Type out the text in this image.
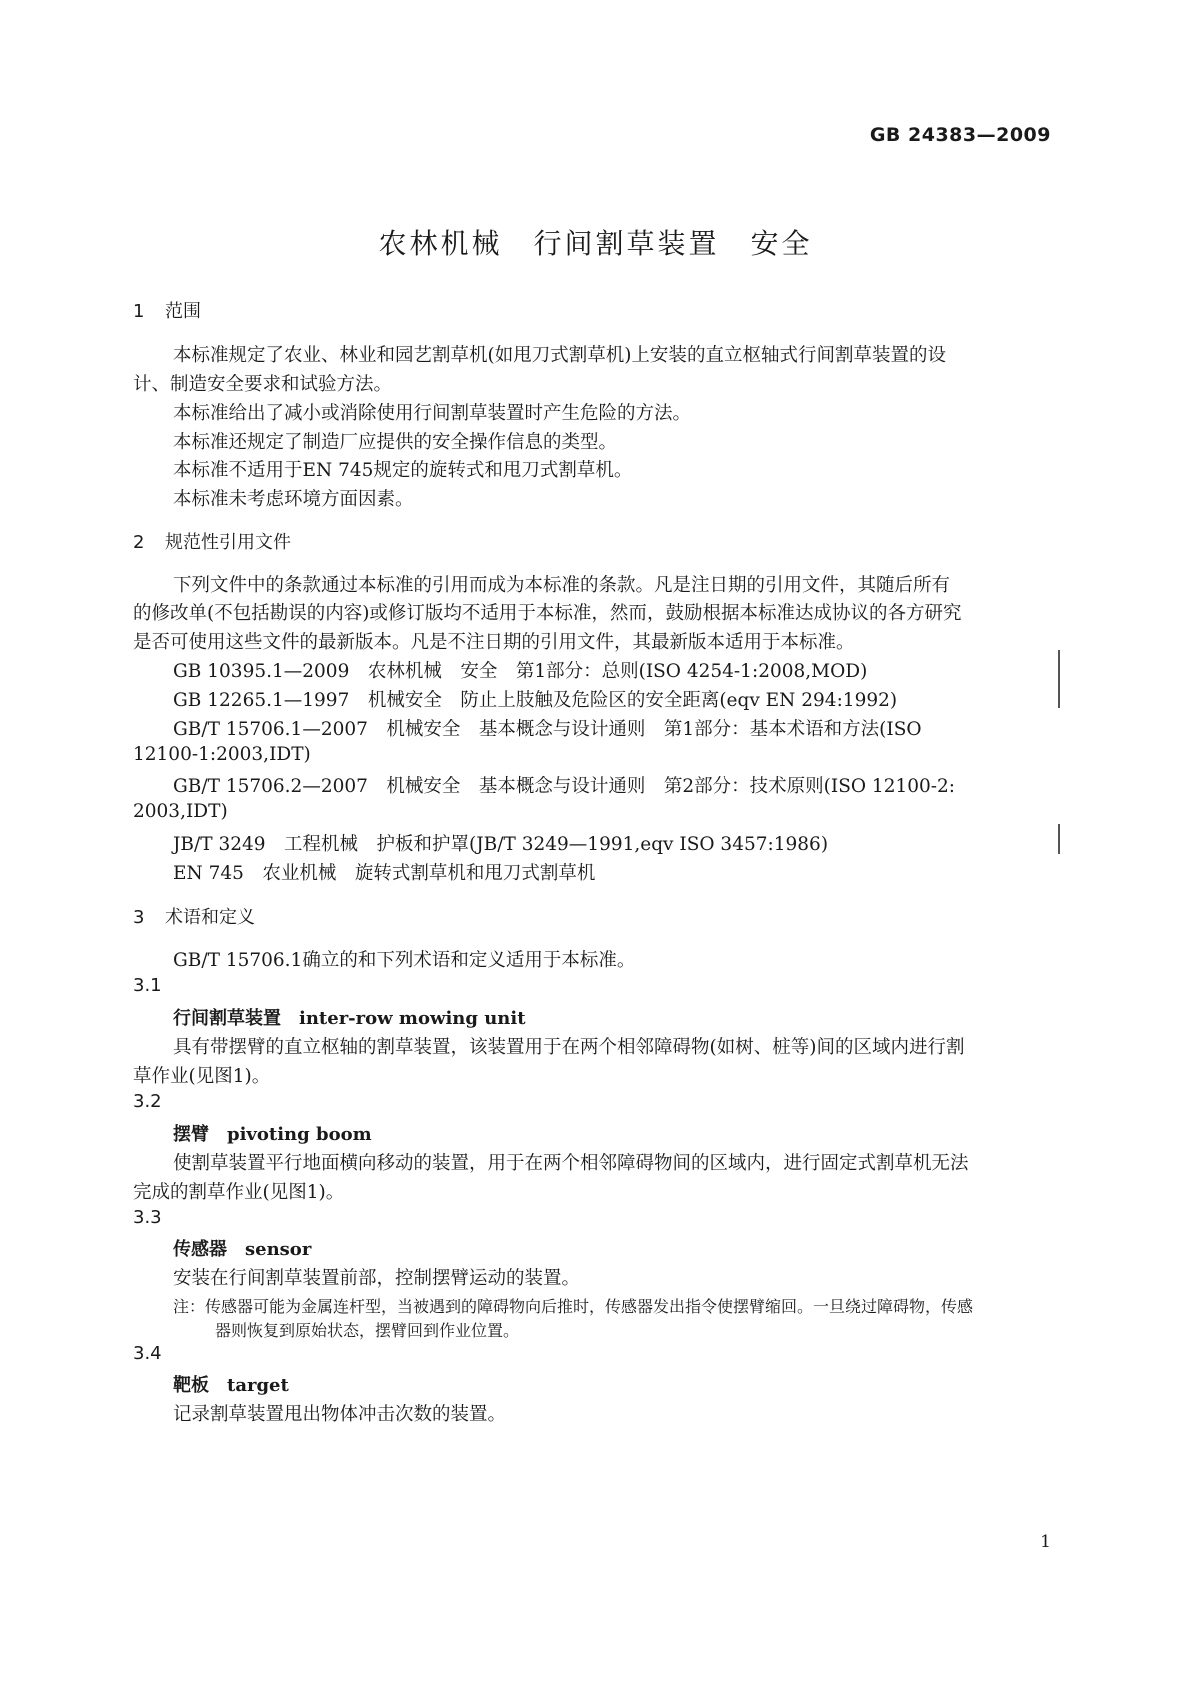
GB 24383—2009
农林机械　行间割草装置　安全
1 范围
本标准规定了农业、林业和园艺割草机(如甩刀式割草机)上安装的直立枢轴式行间割草装置的设
计、制造安全要求和试验方法。
本标准给出了减小或消除使用行间割草装置时产生危险的方法。
本标准还规定了制造厂应提供的安全操作信息的类型。
本标准不适用于EN 745规定的旋转式和甩刀式割草机。
本标准未考虑环境方面因素。
2 规范性引用文件
下列文件中的条款通过本标准的引用而成为本标准的条款。凡是注日期的引用文件，其随后所有
的修改单(不包括勘误的内容)或修订版均不适用于本标准，然而，鼓励根据本标准达成协议的各方研究
是否可使用这些文件的最新版本。凡是不注日期的引用文件，其最新版本适用于本标准。
GB 10395.1—2009　农林机械　安全　第1部分：总则(ISO 4254-1:2008,MOD)
GB 12265.1—1997　机械安全　防止上肢触及危险区的安全距离(eqv EN 294:1992)
GB/T 15706.1—2007　机械安全　基本概念与设计通则　第1部分：基本术语和方法(ISO
12100-1:2003,IDT)
GB/T 15706.2—2007　机械安全　基本概念与设计通则　第2部分：技术原则(ISO 12100-2:
2003,IDT)
JB/T 3249　工程机械　护板和护罩(JB/T 3249—1991,eqv ISO 3457:1986)
EN 745　农业机械　旋转式割草机和甩刀式割草机
3 术语和定义
GB/T 15706.1确立的和下列术语和定义适用于本标准。
3.1
行间割草装置 inter-row mowing unit
具有带摆臂的直立枢轴的割草装置，该装置用于在两个相邻障碍物(如树、桩等)间的区域内进行割
草作业(见图1)。
3.2
摆臂 pivoting boom
使割草装置平行地面横向移动的装置，用于在两个相邻障碍物间的区域内，进行固定式割草机无法
完成的割草作业(见图1)。
3.3
传感器 sensor
安装在行间割草装置前部，控制摆臂运动的装置。
注：传感器可能为金属连杆型，当被遇到的障碍物向后推时，传感器发出指令使摆臂缩回。一旦绕过障碍物，传感
器则恢复到原始状态，摆臂回到作业位置。
3.4
靶板 target
记录割草装置甩出物体冲击次数的装置。
1
